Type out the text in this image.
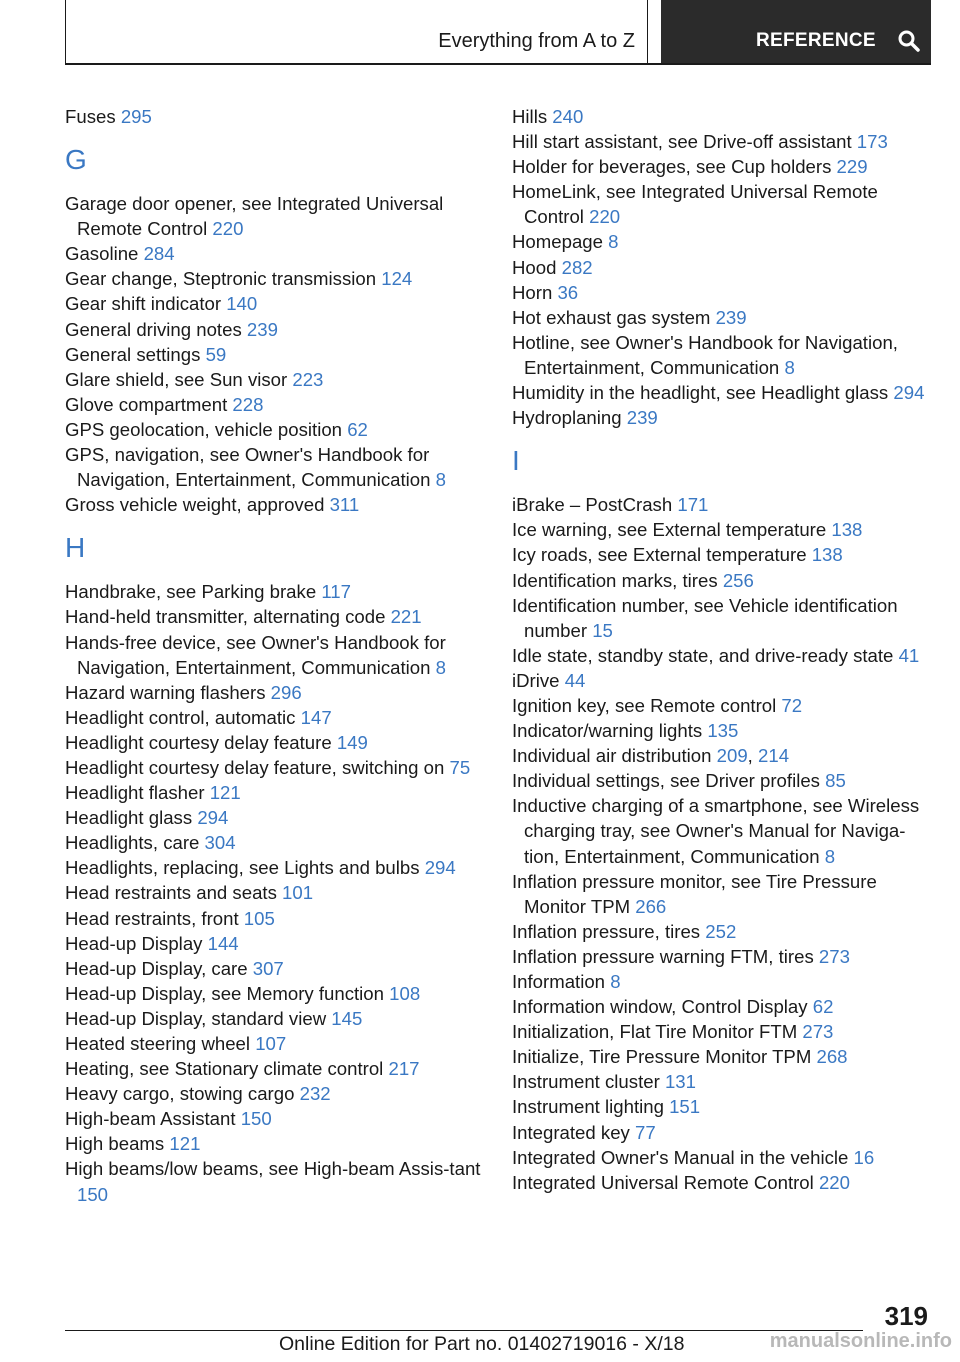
Everything from A to Z	REFERENCE
Fuses 295
G
Garage door opener, see Integrated Universal Remote Control 220
Gasoline 284
Gear change, Steptronic transmission 124
Gear shift indicator 140
General driving notes 239
General settings 59
Glare shield, see Sun visor 223
Glove compartment 228
GPS geolocation, vehicle position 62
GPS, navigation, see Owner's Handbook for Navigation, Entertainment, Communication 8
Gross vehicle weight, approved 311
H
Handbrake, see Parking brake 117
Hand-held transmitter, alternating code 221
Hands-free device, see Owner's Handbook for Navigation, Entertainment, Communication 8
Hazard warning flashers 296
Headlight control, automatic 147
Headlight courtesy delay feature 149
Headlight courtesy delay feature, switching on 75
Headlight flasher 121
Headlight glass 294
Headlights, care 304
Headlights, replacing, see Lights and bulbs 294
Head restraints and seats 101
Head restraints, front 105
Head-up Display 144
Head-up Display, care 307
Head-up Display, see Memory function 108
Head-up Display, standard view 145
Heated steering wheel 107
Heating, see Stationary climate control 217
Heavy cargo, stowing cargo 232
High-beam Assistant 150
High beams 121
High beams/low beams, see High-beam Assis-tant 150
Hills 240
Hill start assistant, see Drive-off assistant 173
Holder for beverages, see Cup holders 229
HomeLink, see Integrated Universal Remote Control 220
Homepage 8
Hood 282
Horn 36
Hot exhaust gas system 239
Hotline, see Owner's Handbook for Navigation, Entertainment, Communication 8
Humidity in the headlight, see Headlight glass 294
Hydroplaning 239
I
iBrake – PostCrash 171
Ice warning, see External temperature 138
Icy roads, see External temperature 138
Identification marks, tires 256
Identification number, see Vehicle identification number 15
Idle state, standby state, and drive-ready state 41
iDrive 44
Ignition key, see Remote control 72
Indicator/warning lights 135
Individual air distribution 209, 214
Individual settings, see Driver profiles 85
Inductive charging of a smartphone, see Wireless charging tray, see Owner's Manual for Naviga-tion, Entertainment, Communication 8
Inflation pressure monitor, see Tire Pressure Monitor TPM 266
Inflation pressure, tires 252
Inflation pressure warning FTM, tires 273
Information 8
Information window, Control Display 62
Initialization, Flat Tire Monitor FTM 273
Initialize, Tire Pressure Monitor TPM 268
Instrument cluster 131
Instrument lighting 151
Integrated key 77
Integrated Owner's Manual in the vehicle 16
Integrated Universal Remote Control 220
319
Online Edition for Part no. 01402719016 - X/18	manualsonline.info
